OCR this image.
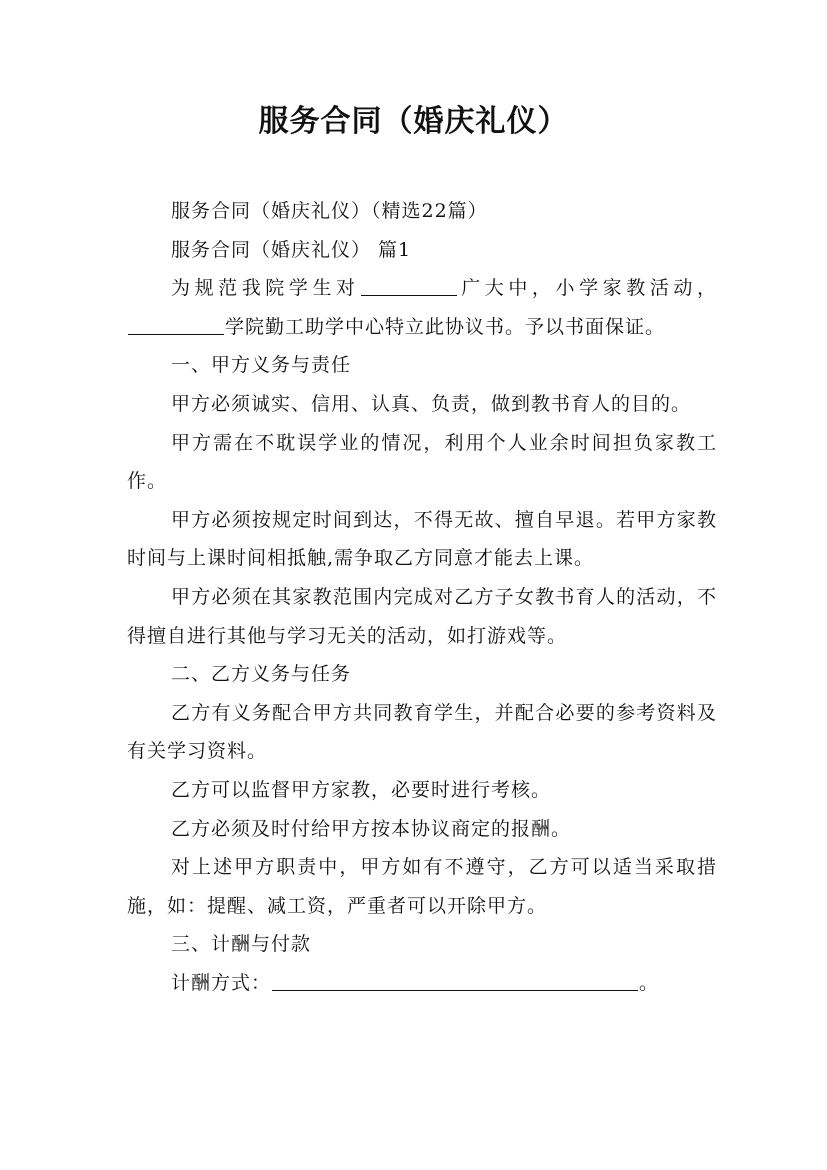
服务合同（婚庆礼仪）

服务合同（婚庆礼仪）（精选22篇）

服务合同（婚庆礼仪） 篇1

为规范我院学生对	广大中，小学家教活动，学院勤工助学中心特立此协议书。予以书面保证。

一、甲方义务与责任

甲方必须诚实、信用、认真、负责，做到教书育人的目的。

甲方需在不耽误学业的情况，利用个人业余时间担负家教工作。

甲方必须按规定时间到达，不得无故、擅自早退。若甲方家教时间与上课时间相抵触,需争取乙方同意才能去上课。

甲方必须在其家教范围内完成对乙方子女教书育人的活动，不得擅自进行其他与学习无关的活动，如打游戏等。

二、乙方义务与任务

乙方有义务配合甲方共同教育学生，并配合必要的参考资料及有关学习资料。

乙方可以监督甲方家教，必要时进行考核。

乙方必须及时付给甲方按本协议商定的报酬。

对上述甲方职责中，甲方如有不遵守，乙方可以适当采取措施，如：提醒、减工资，严重者可以开除甲方。

三、计酬与付款

计酬方式：	。
